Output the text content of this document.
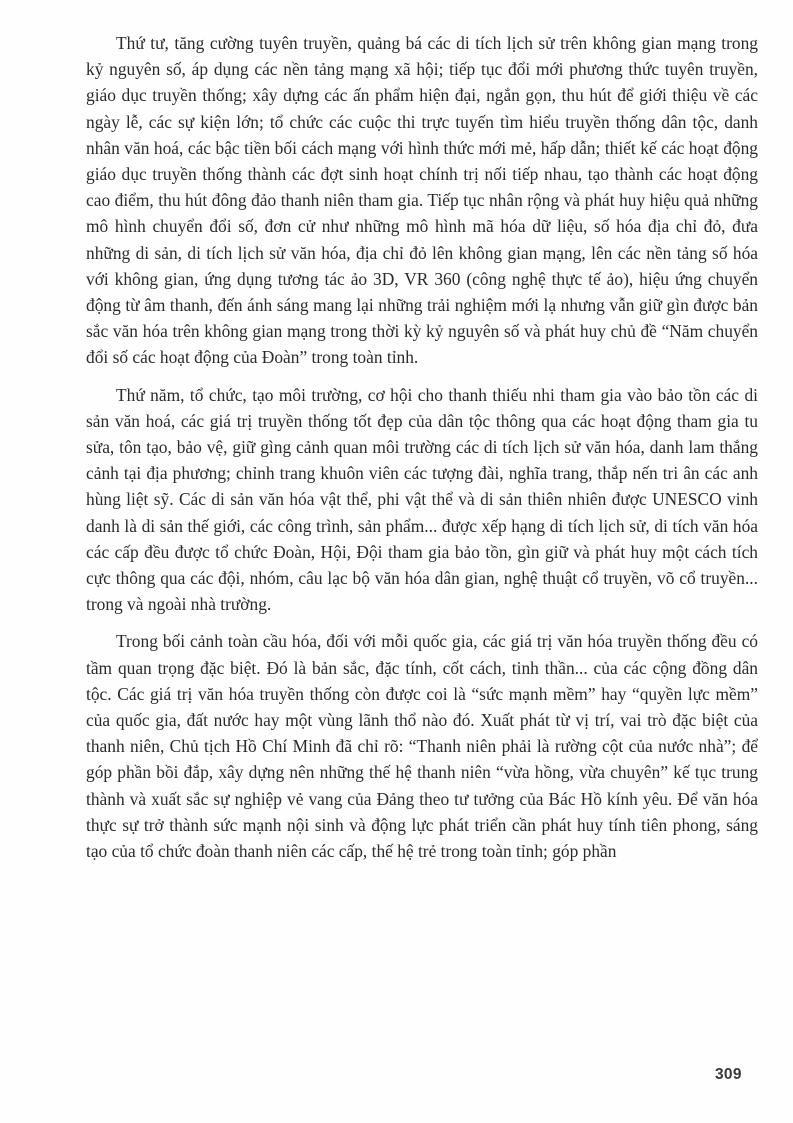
Thứ tư, tăng cường tuyên truyền, quảng bá các di tích lịch sử trên không gian mạng trong kỷ nguyên số, áp dụng các nền tảng mạng xã hội; tiếp tục đổi mới phương thức tuyên truyền, giáo dục truyền thống; xây dựng các ấn phẩm hiện đại, ngắn gọn, thu hút để giới thiệu về các ngày lễ, các sự kiện lớn; tổ chức các cuộc thi trực tuyến tìm hiểu truyền thống dân tộc, danh nhân văn hoá, các bậc tiền bối cách mạng với hình thức mới mẻ, hấp dẫn; thiết kế các hoạt động giáo dục truyền thống thành các đợt sinh hoạt chính trị nối tiếp nhau, tạo thành các hoạt động cao điểm, thu hút đông đảo thanh niên tham gia. Tiếp tục nhân rộng và phát huy hiệu quả những mô hình chuyển đổi số, đơn cử như những mô hình mã hóa dữ liệu, số hóa địa chỉ đỏ, đưa những di sản, di tích lịch sử văn hóa, địa chỉ đỏ lên không gian mạng, lên các nền tảng số hóa với không gian, ứng dụng tương tác ảo 3D, VR 360 (công nghệ thực tế ảo), hiệu ứng chuyển động từ âm thanh, đến ánh sáng mang lại những trải nghiệm mới lạ nhưng vẫn giữ gìn được bản sắc văn hóa trên không gian mạng trong thời kỳ kỷ nguyên số và phát huy chủ đề “Năm chuyển đổi số các hoạt động của Đoàn” trong toàn tỉnh.

Thứ năm, tổ chức, tạo môi trường, cơ hội cho thanh thiếu nhi tham gia vào bảo tồn các di sản văn hoá, các giá trị truyền thống tốt đẹp của dân tộc thông qua các hoạt động tham gia tu sửa, tôn tạo, bảo vệ, giữ gìng cảnh quan môi trường các di tích lịch sử văn hóa, danh lam thắng cảnh tại địa phương; chỉnh trang khuôn viên các tượng đài, nghĩa trang, thắp nến tri ân các anh hùng liệt sỹ. Các di sản văn hóa vật thể, phi vật thể và di sản thiên nhiên được UNESCO vinh danh là di sản thế giới, các công trình, sản phẩm... được xếp hạng di tích lịch sử, di tích văn hóa các cấp đều được tổ chức Đoàn, Hội, Đội tham gia bảo tồn, gìn giữ và phát huy một cách tích cực thông qua các đội, nhóm, câu lạc bộ văn hóa dân gian, nghệ thuật cổ truyền, võ cổ truyền... trong và ngoài nhà trường.

Trong bối cảnh toàn cầu hóa, đối với mỗi quốc gia, các giá trị văn hóa truyền thống đều có tầm quan trọng đặc biệt. Đó là bản sắc, đặc tính, cốt cách, tinh thần... của các cộng đồng dân tộc. Các giá trị văn hóa truyền thống còn được coi là “sức mạnh mềm” hay “quyền lực mềm” của quốc gia, đất nước hay một vùng lãnh thổ nào đó. Xuất phát từ vị trí, vai trò đặc biệt của thanh niên, Chủ tịch Hồ Chí Minh đã chỉ rõ: “Thanh niên phải là rường cột của nước nhà”; để góp phần bồi đắp, xây dựng nên những thế hệ thanh niên “vừa hồng, vừa chuyên” kế tục trung thành và xuất sắc sự nghiệp vẻ vang của Đảng theo tư tưởng của Bác Hồ kính yêu. Để văn hóa thực sự trở thành sức mạnh nội sinh và động lực phát triển cần phát huy tính tiên phong, sáng tạo của tổ chức đoàn thanh niên các cấp, thế hệ trẻ trong toàn tỉnh; góp phần

309
